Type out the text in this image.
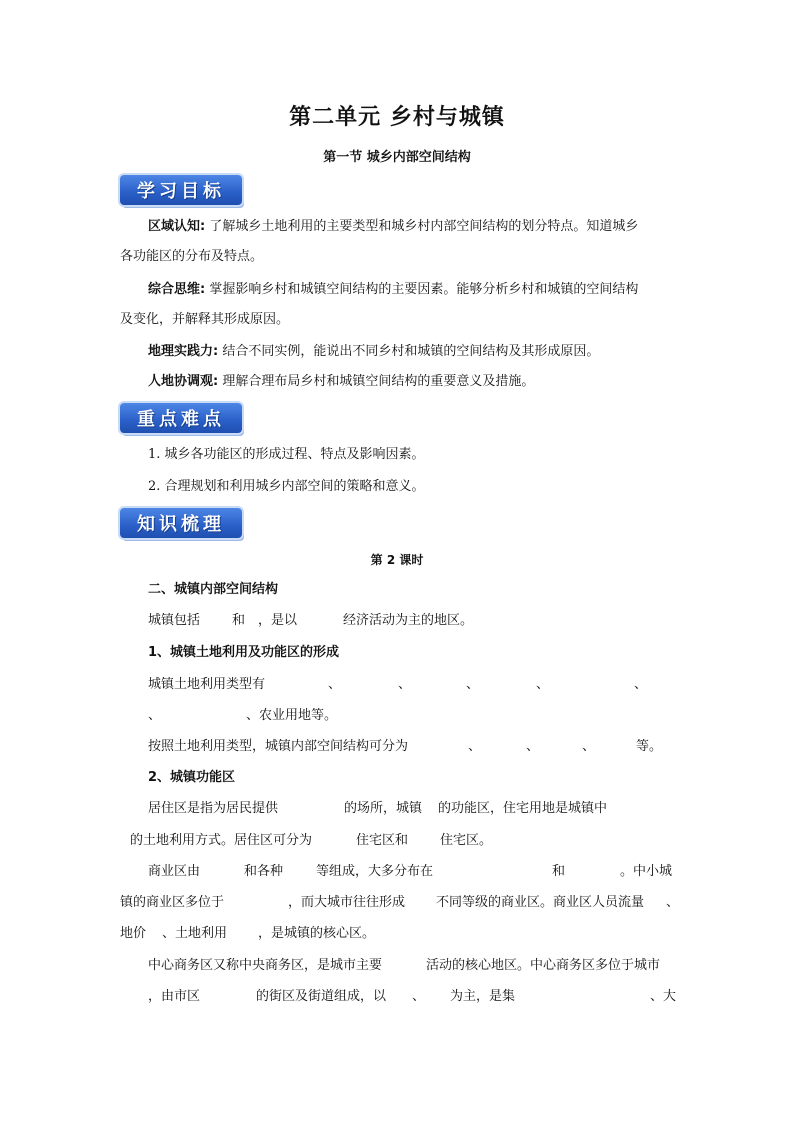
第二单元 乡村与城镇
第一节 城乡内部空间结构
学习目标
区域认知: 了解城乡土地利用的主要类型和城乡村内部空间结构的划分特点。知道城乡
各功能区的分布及特点。
综合思维: 掌握影响乡村和城镇空间结构的主要因素。能够分析乡村和城镇的空间结构
及变化，并解释其形成原因。
地理实践力: 结合不同实例，能说出不同乡村和城镇的空间结构及其形成原因。
人地协调观: 理解合理布局乡村和城镇空间结构的重要意义及措施。
重点难点
1. 城乡各功能区的形成过程、特点及影响因素。
2. 合理规划和利用城乡内部空间的策略和意义。
知识梳理
第 2 课时
二、城镇内部空间结构
城镇包括 和 ，是以	经济活动为主的地区。
1、城镇土地利用及功能区的形成
城镇土地利用类型有	、	、	、	、	、
、	、农业用地等。
按照土地利用类型，城镇内部空间结构可分为	、	、	、	等。
2、城镇功能区
居住区是指为居民提供	的场所，城镇 的功能区，住宅用地是城镇中
的土地利用方式。居住区可分为	住宅区和 住宅区。
商业区由	和各种	等组成，大多分布在	和	。中小城
镇的商业区多位于	，而大城市往往形成 不同等级的商业区。商业区人员流量 、
地价 、土地利用 ，是城镇的核心区。
中心商务区又称中央商务区，是城市主要	活动的核心地区。中心商务区多位于城市
，由市区	的街区及街道组成，以 、 为主，是集	、大
